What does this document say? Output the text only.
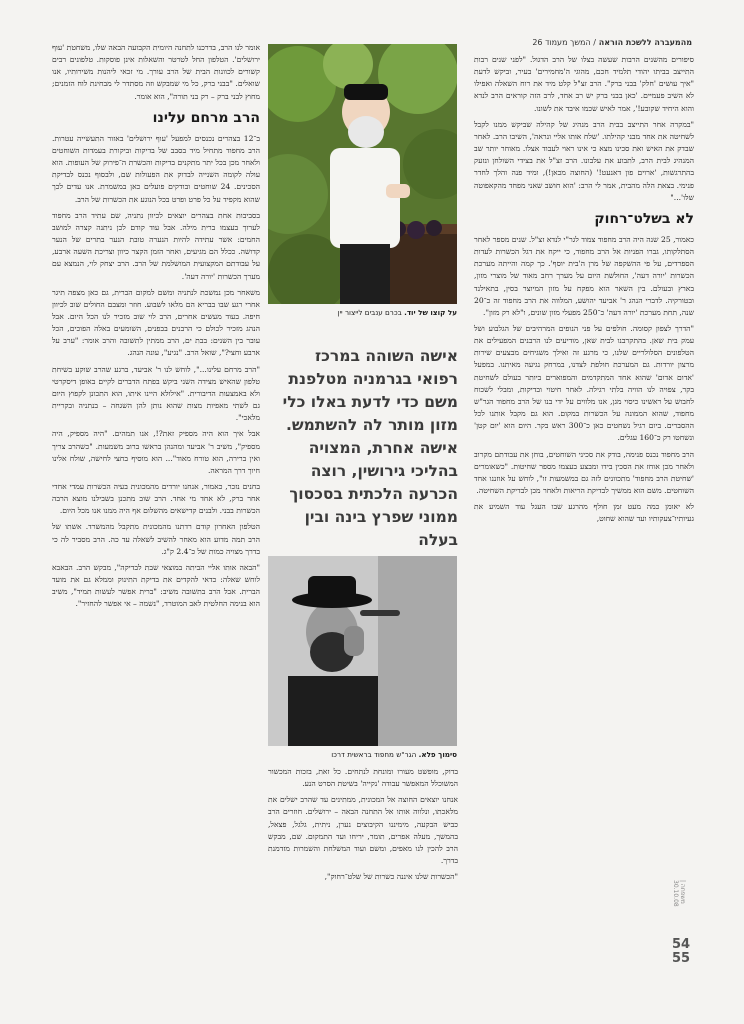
מהמעברה ללשכת הוראה / המשך מעמוד 26

סיפורים מהשנים הרבות שעשה בצלו של הרב הדגול. "לפני שנים רבות התייצב בביתו יהודי תלמיד חכם, מהוגי ה'מחמירים' בעיר, וביקש לדעת "איך עושים 'חלק' בבני ברק". הרב זצ"ל קלט מיד את רוח השאלה ואפילו לא השיב פעמיים. 'כאן בבני ברק יש רב אחד, לרב הזה קוראים הרב לנדא והוא היחיד שקובע!', אמר לאיש שכמו איבד את לשונו.

"במקרה אחר התייצב בבית הרב מנהיג של קהילה שביקש ממנו לקבל לשחיטה את אחד מבני קהילתו. 'שלח אותו אליי ונראה', השיבו הרב. לאחר שבדק את האיש ואת סכינו מצא כי אינו ראוי לעבוד אצלו. מאוחר יותר שב המנהיג לבית הרב, לתבוע את עלבונו. הרב זצ"ל את בצידי השולחן ונזעק בהתרגשות, 'ארוים פון דאנעט!' (החוצה מכאן!), ומיד פנה והלך לחדר פנימי. בצאת הלה מהבית, אמר לי הרב: 'הוא חושב שאני מפחד מהקאפוטה שלו'..."

לא בשלט־רחוק

כאמור, 25 שנה היה הרב מחפוד צמוד לגר"י לנדא זצ"ל. שנים מספר לאחר הסתלקותו, גברו הפניות אל הרב מחפוד, כי ייקח את דגל הכשרות לעדות הספרדים, על פי ההשקפה של מרן ה'בית יוסף'. כך קמה והייתה מערכת הכשרות 'יורה דעה', החולשת היום על מערך רחב מאוד של מוצרי מזון, בארץ ובעולם. בין השאר הוא מפקח על מזון המיוצר בסין, בתאילנד ובטורקיה. לדברי הנהג ר' אביעד יהושע, המלווה את הרב מחפוד זה כ־20 שנה, תחת מערכת 'יורה דעה' כ־250 מפעלי מזון שונים, ו"לא רק מזון".

"הדרך לצפון קסומה. חולפים על פני הנופים המרהיבים של הגלבוע ושל עמק בית שאן. בהתקרבנו לבית שאן, מודיעים לנו הרבנים המפעילים את הטלפונים הסלולריים שלנו, כי מרגע זה ואילך משגיחים מבצעים שירות מרצון יורדות. גם המערכת חולפת לצדנו, במרחק נגיעה מאיתנו. במפעל 'אדום אדום' שהוא אחד המתקדמים והמפוארים ביותר בעולם לשחיטת בקר, צפויה לנו הוויה בלתי רגילה. לאחר חיטוי ובדיקות, ומבלי לשכוח לחבוש על ראשינו כיסוי מגן, אנו מלווים על ידי בנו של הרב מחפוד הגר"ש מחפוד, שהוא הממונה על הכשרות במקום. הוא גם מקבל אותנו לכל ההסברים. ביום רגיל נשחטים כאן כ־300 ראש בקר. היום הוא 'יום קטן' ונשחטו רק כ־160 עגלים.

הרב מחפוד נכנס פנימה, בודק את סכיני השוחטים, בוחן את עבודתם מקרוב ולאחר מכן אוחז את הסכין בידו ומבצע בעצמו מספר שחיטות. "כשאומרים 'שחיטת הרב מחפוד' מתכוונים לזה גם במשמעות זו", לוחש על אוזננו אחד השוחטים. משם הוא ממשיך לבדיקת הריאות ולאחר מכן לבדיקת השחיטה.

לא יאומן כמה מעט זמן חולף מהרגע שבו העגל עוד השמיע את געיותיו־צעקותיו ועד שהוא שחוט,

על קוצו של יוד. בכרם ענבים לייצור יין
אישה השוהה במרכז רפואי בגרמניה מטלפנת משם כדי לדעת באלו כלי מזון מותר לה להשתמש. אישה אחרת, המצויה בהליכי גירושין, רוצה הכרעה הלכתית בסכסוך ממוני שפרץ בינה ובין בעלה
סימוך פלא. הגר"ש מחפוד בראשית דרכו

בדוק, מופשט מעורו ומונחת לנתחים. כל זאת, בזכות המכשור המשוכלל המאפשר עבודה 'נקייה' בשיטת הסרט הנע.

אנחנו יוצאים החוצה אל המכונית, ממתינים עד שהרב ישלים את מלאכתו, ונלווה אותו אל התחנה הבאה – ירושלים. חוזרים הרב כביש הבקעה, מימיננו הקיבוצים נערן, ניתית, גלגל, פצאל, בהמשך, מעלה אפרים, תומר, יריחו ועד התמקום. שם, מבקש הרב להכין לנו מאפים, ומשם ועוד המשלחת והשמרות מזדמנת בדרך.

"הכשרות שלנו איננה כשרות של שלט־רחוק",

אומר לנו הרב, בדרכנו לתחנה היומית הקבועה הבאה שלו, משחטת 'עוף ירושלים'. הטלפון החל לטרטר והשאלות אינן פוסקות. טלפונים רבים קשורים לכוונות הבית של הרב עורך. מי זכאי ליהנות משירותיו, אנו שואלים. "בבני ברק, כל מי שמבקש וזה מסתדר לי מבחינת לוח הזמנים; מחוץ לבני ברק – רק בני תורה", הוא אומר.

הרב מרחם עלינו

ב־12 בצהרים נכנסים למפעל 'עוף ירושלים' באזור התעשייה עטרות. הרב מחפוד מתחיל מיד בסבב של בדיקות וביקורת בעמדות השוחטים ולאחר מכן בכל יתר מתקנים בדיקות והכשרת ה־פירוק של העופות. הוא עולה לקומה השנייה לבדוק את הפעולות שם, ולבסוף נכנס לבדיקת הסכינים. 24 שוחטים ובודקים פועלים כאן במשמרת. אנו עדים לכך שהוא מקפיד על כל פרט ופרט בכל הנוגע את הכשרות של הרב.

בסביבות אחת בצהרים יוצאים לכיוון נתניה, שם עתיד הרב מחפוד לערוך בעצמו ברית מילה. אבל עוד קודם לכן ניתנה קצרה למושב החמים: אשר עתידה להיות הנערה טובת הנער בתרים של הנער קדושה. ככלל הם מגיעים, ואחר הזמן הקצר כיוון וצריכת השעה ארבע, על עבודתם המקצועית המושלמת של הרב. הרב יצחק לוי, הנמצא עם מערך הכשרות 'יורה דעה'.

משאחר מכן נמשכת לנתניה ומשם למקום הברית, גם כאן מצפה תיגר אחרי רגע שבו בבריא הם מלאו לשבוע. חוזר ומצבם החולים שוב לכיוון חיפה. בעוד מעשים אחרים, הרב לוי שוב מזכיר לנו הכל היום. אבל הנהג מזכיר לכולם כי הרבנים בבפנים, השומעים באלה הפוכים, הכל עובר בין השנים: בבת ים, הרב ממתין לתשובה והרב אומר: "ערב על ארבע וחצי?", שואל הרב. "נגיע", עונה הנהג.

"הרב מרחם עלינו...", לוחש לנו ר' אביעד, ברגע שהרב שוקע בשיחת טלפון שהאיש מצידה השני ביקש בפתח הדברים לקיים באופן דיסקרטי ולא באמצעות הדיבורית. "אילולא היינו איתו, הוא התכונן לקפוץ היום גם לשתי מאפיות מצות שהוא נותן להן השגחה – בנתניה ובקריית מלאכי".

אבל איך הוא היה מספיק זאת?!, אנו תמהים. "היה מספיק, היה מספיק", משיב ר' אביעד ומהנהן בראשו ברוב משמעות. "כשהרב צריך ואין ברירה, הוא טורח מאוד"... הוא מוסיף בחצי לחישה, שולח אלינו חיוך דרך המראה.

בחנים נזכר, כאמור, אנחנו יורדים מהמכונית בעיה הכשרות עמדי אחדי אחר ברק, לא אחד מי אחד. הרב שוב מתכנן בשבילנו מוצא הרבה הכשרות בבני. ולבנים קדישאים מהשלום אף היה ממנו אנו מכל היום.

הטלפון האחרון קודם רדתנו מהמכונית מתקבל מהמשרד. אשתו של הרב תמה מדוע הוא מאחר להשיב לשאלה עד כה. הרב מסביר לה כי בדרך מצויה כמות של כ־2.4 ק"ג.

"הבאה אותו אליי הביתה במוצאי שבת לבדיקה", מבקש הרב. הבאבא לוחש שאלה: כדאי להקדים את בדיקת התינוק וממלא גם את מועד הברית. אבל הרב בתשובה משיב: "ברית אפשר לעשות תמיד", משיב הוא בנימה החלטית לאב המוטרד, "נשמה – אי אפשר להחזיר".

משפחה | 30.10.08
54
55
